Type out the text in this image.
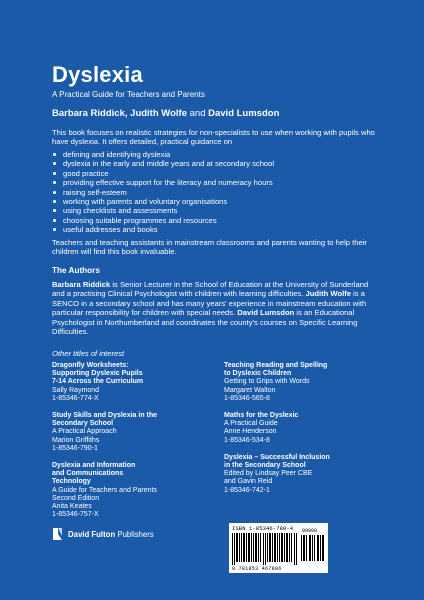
Dyslexia
A Practical Guide for Teachers and Parents
Barbara Riddick, Judith Wolfe and David Lumsdon

This book focuses on realistic strategies for non-specialists to use when working with pupils who have dyslexia. It offers detailed, practical guidance on

defining and identifying dyslexia
dyslexia in the early and middle years and at secondary school
good practice
providing effective support for the literacy and numeracy hours
raising self-esteem
working with parents and voluntary organisations
using checklists and assessments
choosing suitable programmes and resources
useful addresses and books

Teachers and teaching assistants in mainstream classrooms and parents wanting to help their children will find this book invaluable.

The Authors

Barbara Riddick is Senior Lecturer in the School of Education at the University of Sunderland and a practising Clinical Psychologist with children with learning difficulties. Judith Wolfe is a SENCO in a secondary school and has many years' experience in mainstream education with particular responsibility for children with special needs. David Lumsdon is an Educational Psychologist in Northumberland and coordinates the county's courses on Specific Learning Difficulties.

Other titles of interest
Dragonfly Worksheets:
Supporting Dyslexic Pupils
7-14 Across the Curriculum
Sally Raymond
1-85346-774-X
Study Skills and Dyslexia in the
Secondary School
A Practical Approach
Marion Griffiths
1-85346-790-1
Dyslexia and Information
and Communications
Technology
A Guide for Teachers and Parents
Second Edition
Anita Keates
1-85346-757-X
Teaching Reading and Spelling
to Dyslexic Children
Getting to Grips with Words
Margaret Walton
1-85346-565-8
Maths for the Dyslexic
A Practical Guide
Anne Henderson
1-85346-534-8
Dyslexia – Successful Inclusion
in the Secondary School
Edited by Lindsay Peer CBE
and Gavin Reid
1-85346-742-1
David Fulton Publishers
ISBN 1-85346-780-4 90000
9 781853 467806
